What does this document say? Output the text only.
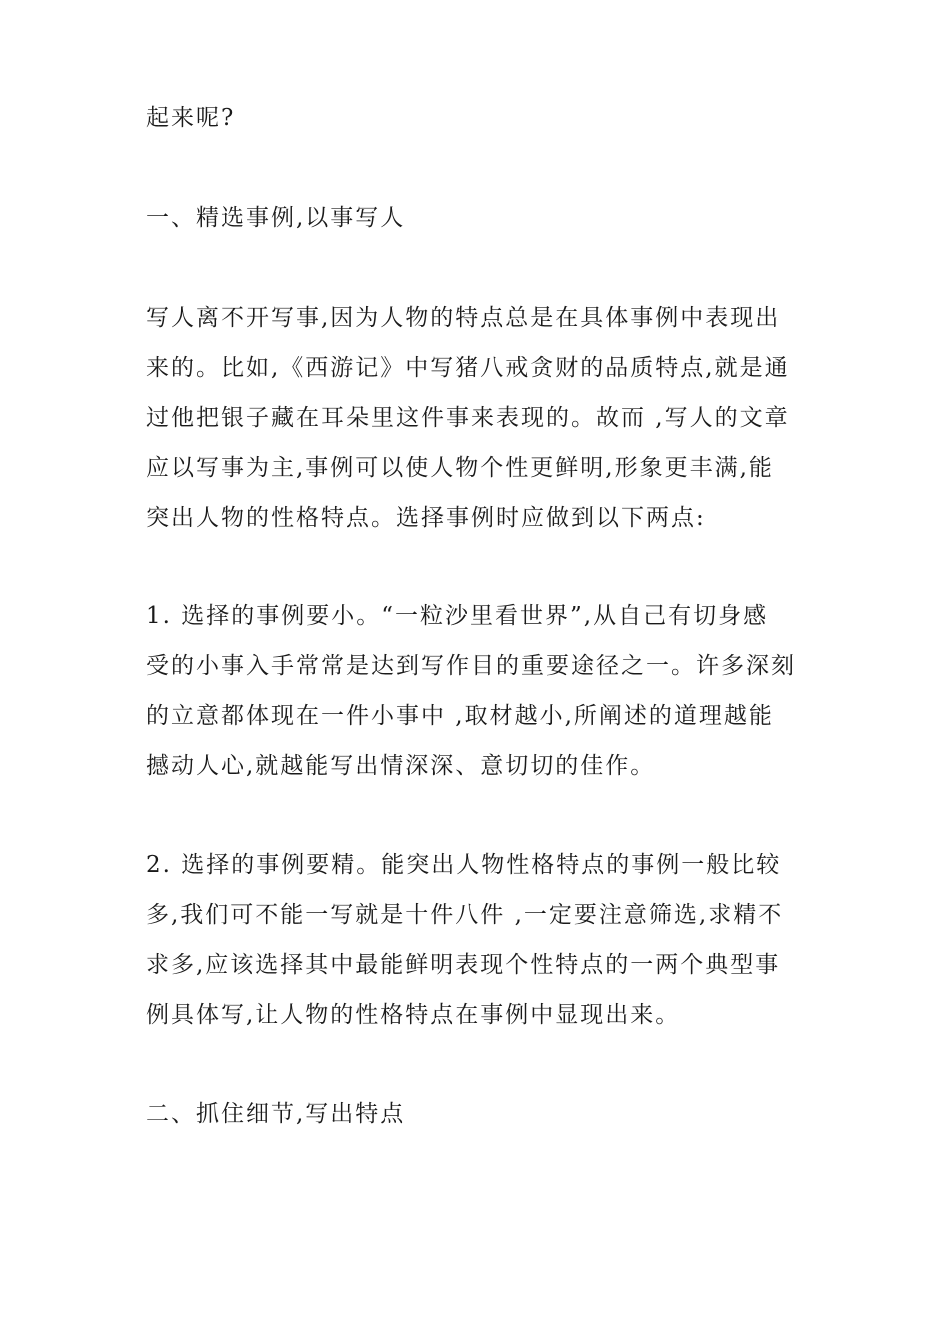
起来呢?
一、精选事例,以事写人
写人离不开写事,因为人物的特点总是在具体事例中表现出
来的。比如,《西游记》中写猪八戒贪财的品质特点,就是通
过他把银子藏在耳朵里这件事来表现的。故而 ,写人的文章
应以写事为主,事例可以使人物个性更鲜明,形象更丰满,能
突出人物的性格特点。选择事例时应做到以下两点:
1. 选择的事例要小。“一粒沙里看世界”,从自己有切身感
受的小事入手常常是达到写作目的重要途径之一。许多深刻
的立意都体现在一件小事中 ,取材越小,所阐述的道理越能
撼动人心,就越能写出情深深、意切切的佳作。
2. 选择的事例要精。能突出人物性格特点的事例一般比较
多,我们可不能一写就是十件八件 ,一定要注意筛选,求精不
求多,应该选择其中最能鲜明表现个性特点的一两个典型事
例具体写,让人物的性格特点在事例中显现出来。
二、抓住细节,写出特点
